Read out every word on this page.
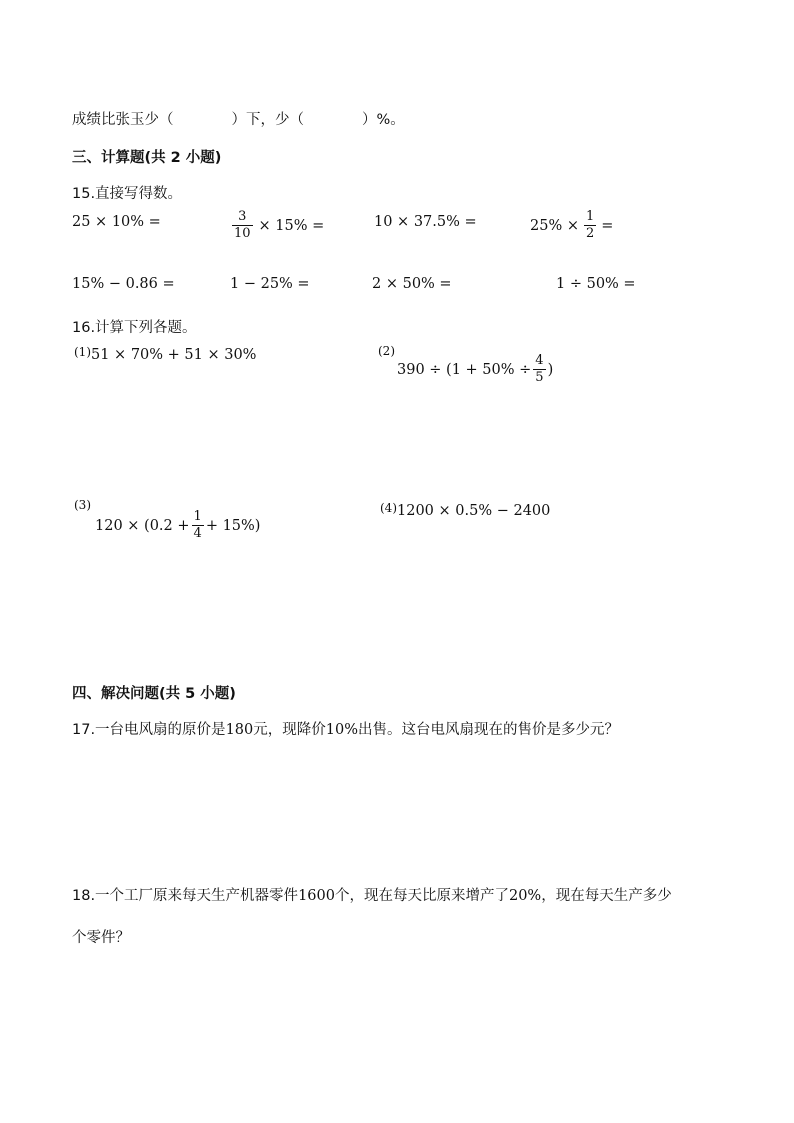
成绩比张玉少（	）下，少（	）%。
三、计算题(共 2 小题)
15.直接写得数。
25 × 10% =	$\frac{3}{10} \times 15\%$ =	10 × 37.5% =	$25\% \times \frac{1}{2}$ =
15% − 0.86 =	1 − 25% =	2 × 50% =	1 ÷ 50% =
16.计算下列各题。
(1)51 × 70% + 51 × 30%	(2)
$390 \div (1 + 50\% \div \frac{4}{5}$ )
(3)
$120 \times (0.2 + \frac{1}{4} + 15\%)$
(4)1200 × 0.5% − 2400
四、解决问题(共 5 小题)
17.一台电风扇的原价是180元，现降价10%出售。这台电风扇现在的售价是多少元？
18.一个工厂原来每天生产机器零件1600个，现在每天比原来增产了20%，现在每天生产多少
个零件？
